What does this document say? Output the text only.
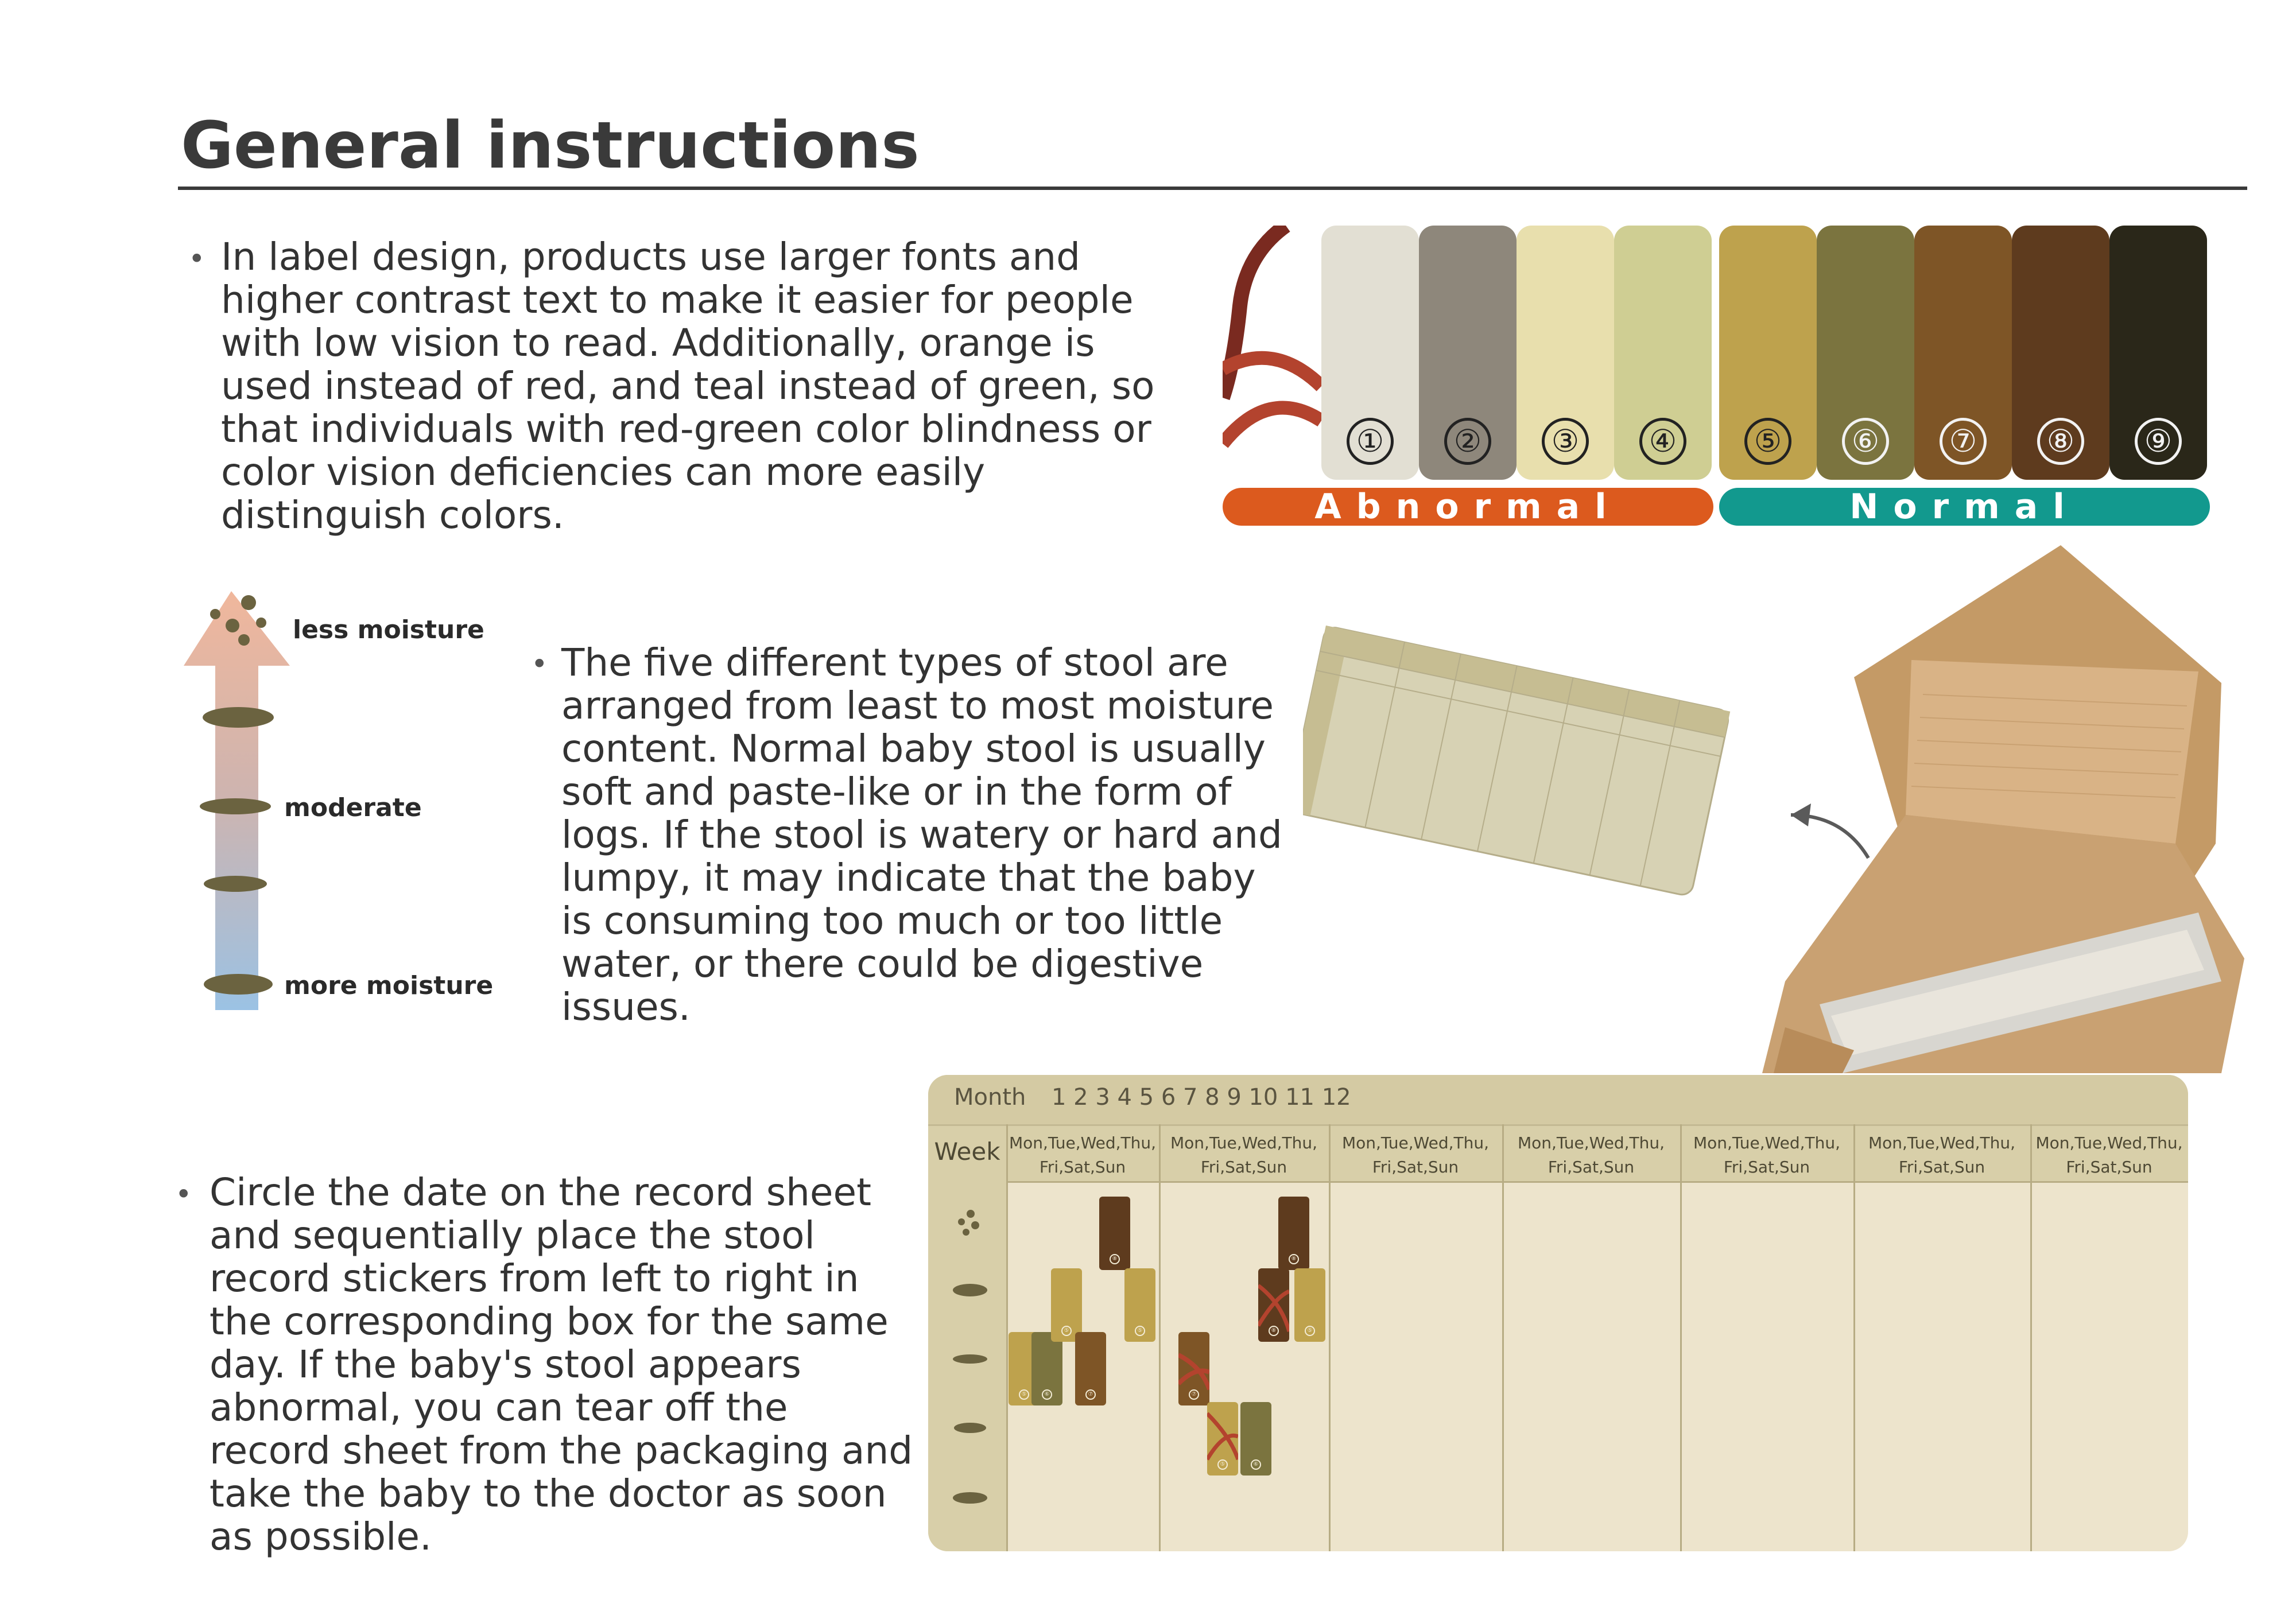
General instructions
• In label design, products use larger fonts and higher contrast text to make it easier for people with low vision to read. Additionally, orange is used instead of red, and teal instead of green, so that individuals with red-green color blindness or color vision deficiencies can more easily distinguish colors.
①	②	③	④	⑤	⑥	⑦	⑧	⑨
Abnormal	Normal
less moisture
moderate
more moisture
• The five different types of stool are arranged from least to most moisture content. Normal baby stool is usually soft and paste-like or in the form of logs. If the stool is watery or hard and lumpy, it may indicate that the baby is consuming too much or too little water, or there could be digestive issues.
• Circle the date on the record sheet and sequentially place the stool record stickers from left to right in the corresponding box for the same day. If the baby's stool appears abnormal, you can tear off the record sheet from the packaging and take the baby to the doctor as soon as possible.
Month 1 2 3 4 5 6 7 8 9 10 11 12
Week Mon,Tue,Wed,Thu,
Fri,Sat,Sun
Mon,Tue,Wed,Thu,
Fri,Sat,Sun
Mon,Tue,Wed,Thu,
Fri,Sat,Sun
Mon,Tue,Wed,Thu,
Fri,Sat,Sun
Mon,Tue,Wed,Thu,
Fri,Sat,Sun
Mon,Tue,Wed,Thu,
Fri,Sat,Sun
Mon,Tue,Wed,Thu,
Fri,Sat,Sun
⑤	⑥
⑤
⑦
⑧
⑤
⑦
⑤	⑥
⑧
⑧
⑤
